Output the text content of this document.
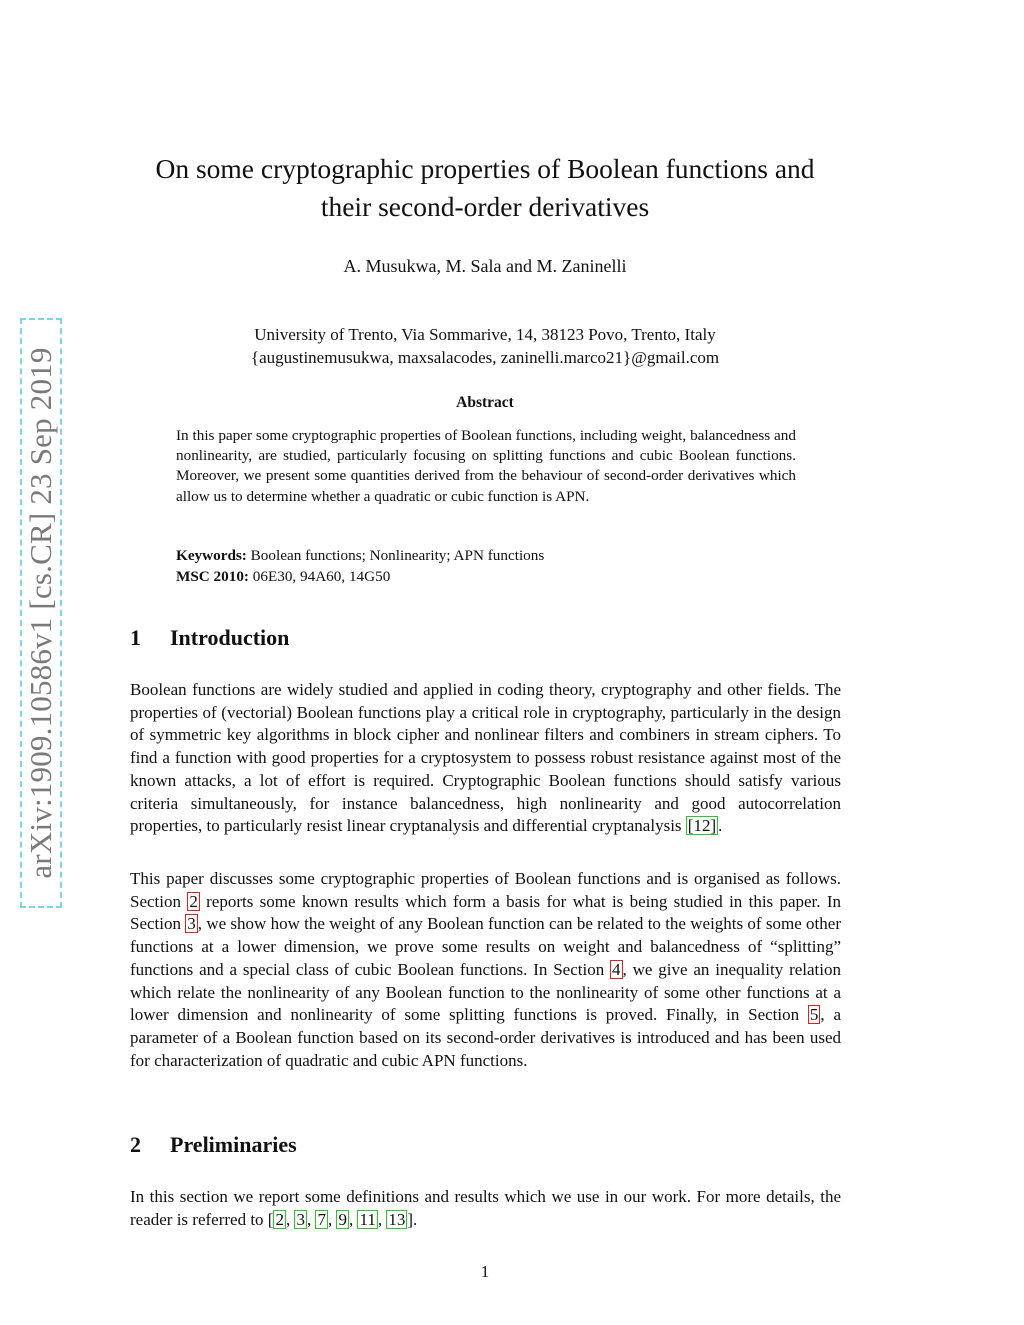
arXiv:1909.10586v1 [cs.CR] 23 Sep 2019
On some cryptographic properties of Boolean functions and
their second-order derivatives
A. Musukwa, M. Sala and M. Zaninelli
University of Trento, Via Sommarive, 14, 38123 Povo, Trento, Italy
{augustinemusukwa, maxsalacodes, zaninelli.marco21}@gmail.com
Abstract
In this paper some cryptographic properties of Boolean functions, including weight, balancedness and nonlinearity, are studied, particularly focusing on splitting functions and cubic Boolean functions. Moreover, we present some quantities derived from the behaviour of second-order derivatives which allow us to determine whether a quadratic or cubic function is APN.
Keywords: Boolean functions; Nonlinearity; APN functions
MSC 2010: 06E30, 94A60, 14G50
1 Introduction
Boolean functions are widely studied and applied in coding theory, cryptography and other fields. The properties of (vectorial) Boolean functions play a critical role in cryptography, particularly in the design of symmetric key algorithms in block cipher and nonlinear filters and combiners in stream ciphers. To find a function with good properties for a cryptosystem to possess robust resistance against most of the known attacks, a lot of effort is required. Cryptographic Boolean functions should satisfy various criteria simultaneously, for instance balancedness, high nonlinearity and good autocorrelation properties, to particularly resist linear cryptanalysis and differential cryptanalysis [12] .
This paper discusses some cryptographic properties of Boolean functions and is organised as follows. Section 2 reports some known results which form a basis for what is being studied in this paper. In Section 3 , we show how the weight of any Boolean function can be related to the weights of some other functions at a lower dimension, we prove some results on weight and balancedness of “splitting” functions and a special class of cubic Boolean functions. In Section 4 , we give an inequality relation which relate the nonlinearity of any Boolean function to the nonlinearity of some other functions at a lower dimension and nonlinearity of some splitting functions is proved. Finally, in Section 5 , a parameter of a Boolean function based on its second-order derivatives is introduced and has been used for characterization of quadratic and cubic APN functions.
2 Preliminaries
In this section we report some definitions and results which we use in our work. For more details, the reader is referred to [ 2 , 3 , 7 , 9 , 11 , 13 ].
1
